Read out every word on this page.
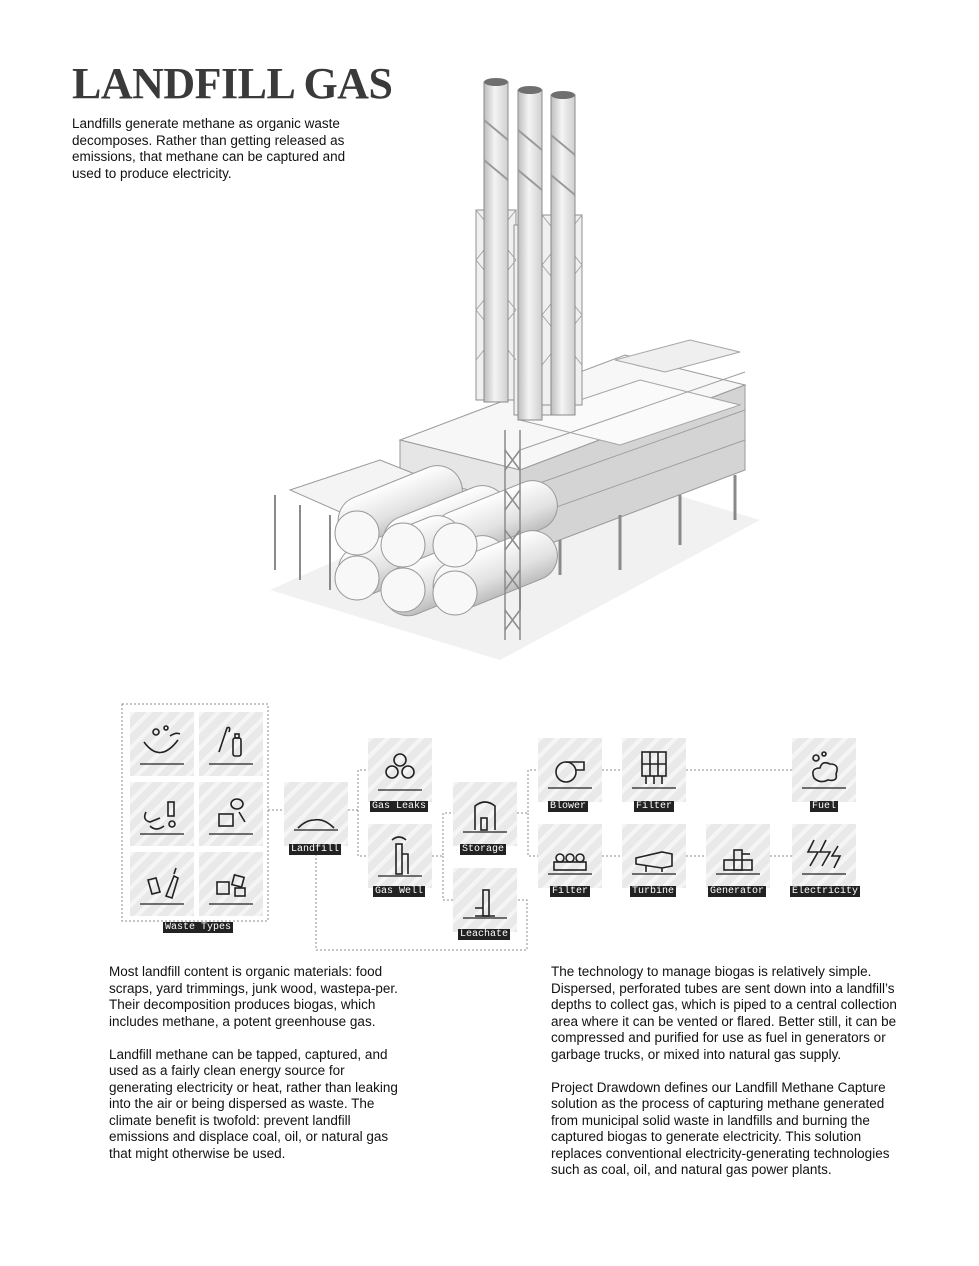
LANDFILL GAS

Landfills generate methane as organic waste decomposes. Rather than getting released as emissions, that methane can be captured and used to produce electricity.

Waste Types
Landfill
Gas Leaks
Gas Well
Storage
Leachate
Blower	Filter	Fuel
Filter	Turbine	Generator	Electricity

Most landfill content is organic materials: food scraps, yard trimmings, junk wood, wastepa-per. Their decomposition produces biogas, which includes methane, a potent greenhouse gas.

Landfill methane can be tapped, captured, and used as a fairly clean energy source for generating electricity or heat, rather than leaking into the air or being dispersed as waste. The climate benefit is twofold: prevent landfill emissions and displace coal, oil, or natural gas that might otherwise be used.

The technology to manage biogas is relatively simple. Dispersed, perforated tubes are sent down into a landfill’s depths to collect gas, which is piped to a central collection area where it can be vented or flared. Better still, it can be compressed and purified for use as fuel in generators or garbage trucks, or mixed into natural gas supply.

Project Drawdown defines our Landfill Methane Capture solution as the process of capturing methane generated from municipal solid waste in landfills and burning the captured biogas to generate electricity. This solution replaces conventional electricity-generating technologies such as coal, oil, and natural gas power plants.
